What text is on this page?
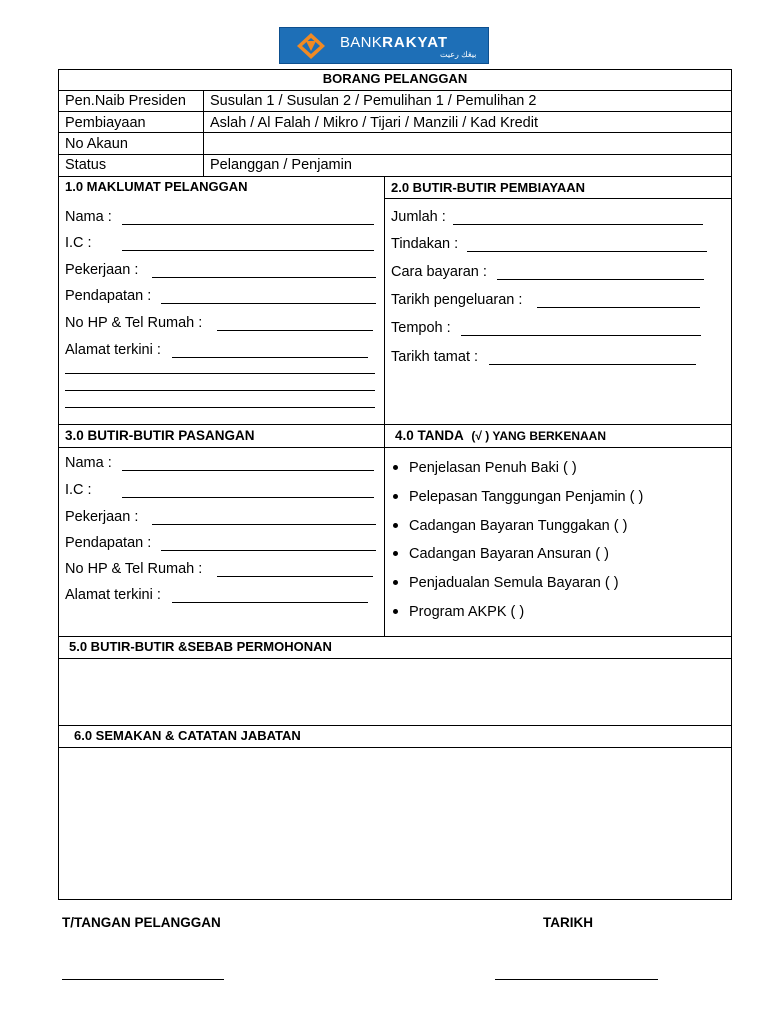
BANKRAKYAT
بيڠك رعيت
BORANG PELANGGAN
Pen.Naib Presiden Susulan 1 / Susulan 2 / Pemulihan 1 / Pemulihan 2
Pembiayaan	Aslah / Al Falah / Mikro / Tijari / Manzili / Kad Kredit
No Akaun
Status	Pelanggan / Penjamin
1.0 MAKLUMAT PELANGGAN	2.0 BUTIR-BUTIR PEMBIAYAAN
Nama :
I.C :
Pekerjaan :
Pendapatan :
No HP & Tel Rumah :
Alamat terkini :
Jumlah :
Tindakan :
Cara bayaran :
Tarikh pengeluaran :
Tempoh :
Tarikh tamat :
3.0 BUTIR-BUTIR PASANGAN	4.0 TANDA (√ ) YANG BERKENAAN
Nama :
I.C :
Pekerjaan :
Pendapatan :
No HP & Tel Rumah :
Alamat terkini :
Penjelasan Penuh Baki ( )
Pelepasan Tanggungan Penjamin ( )
Cadangan Bayaran Tunggakan ( )
Cadangan Bayaran Ansuran ( )
Penjadualan Semula Bayaran ( )
Program AKPK ( )
5.0 BUTIR-BUTIR &SEBAB PERMOHONAN
6.0 SEMAKAN & CATATAN JABATAN
T/TANGAN PELANGGAN	TARIKH
